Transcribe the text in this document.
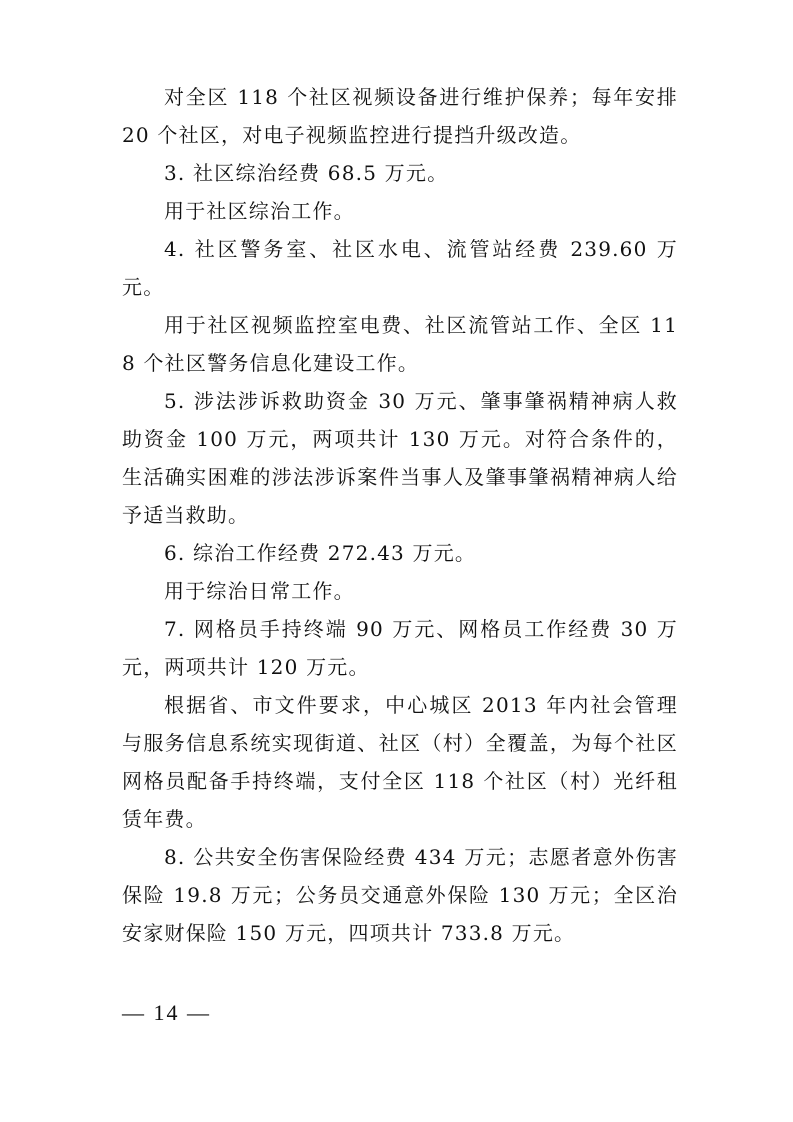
对全区 118 个社区视频设备进行维护保养；每年安排 20 个社区，对电子视频监控进行提挡升级改造。

3. 社区综治经费 68.5 万元。

用于社区综治工作。

4. 社区警务室、社区水电、流管站经费 239.60 万元。

用于社区视频监控室电费、社区流管站工作、全区 118 个社区警务信息化建设工作。

5. 涉法涉诉救助资金 30 万元、肇事肇祸精神病人救助资金 100 万元，两项共计 130 万元。对符合条件的，生活确实困难的涉法涉诉案件当事人及肇事肇祸精神病人给予适当救助。

6. 综治工作经费 272.43 万元。

用于综治日常工作。

7. 网格员手持终端 90 万元、网格员工作经费 30 万元，两项共计 120 万元。

根据省、市文件要求，中心城区 2013 年内社会管理与服务信息系统实现街道、社区（村）全覆盖，为每个社区网格员配备手持终端，支付全区 118 个社区（村）光纤租赁年费。

8. 公共安全伤害保险经费 434 万元；志愿者意外伤害保险 19.8 万元；公务员交通意外保险 130 万元；全区治安家财保险 150 万元，四项共计 733.8 万元。

— 14 —
